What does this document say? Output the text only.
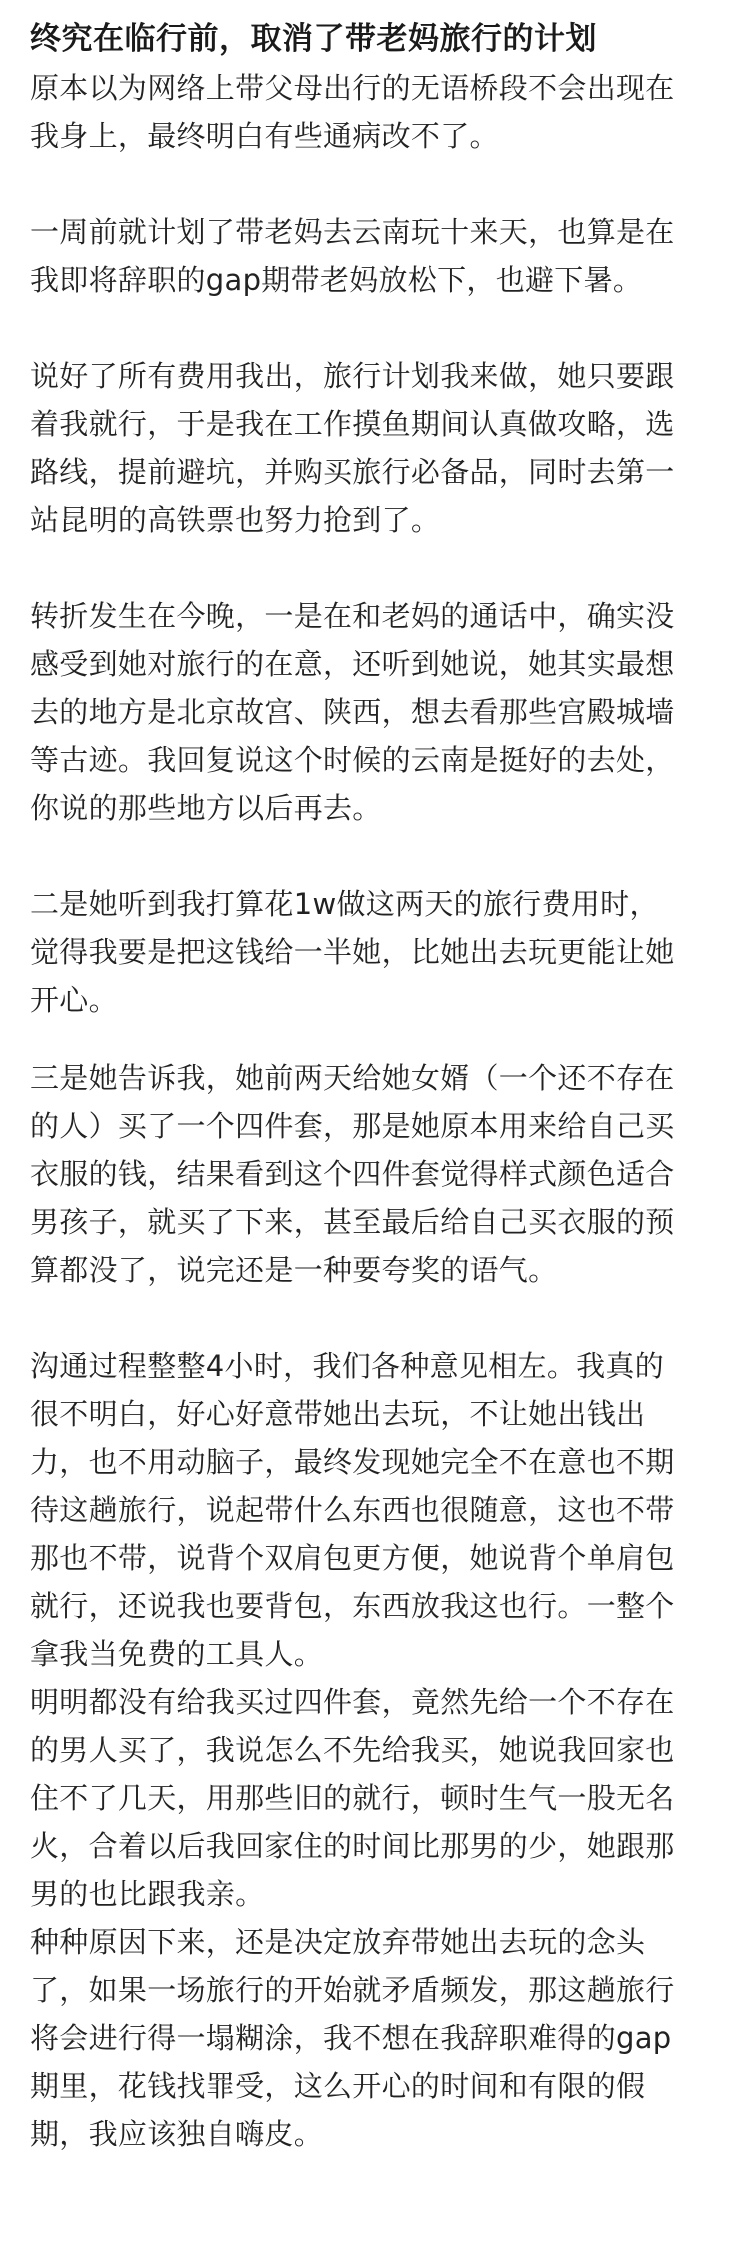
终究在临行前，取消了带老妈旅行的计划

原本以为网络上带父母出行的无语桥段不会出现在
我身上，最终明白有些通病改不了。

一周前就计划了带老妈去云南玩十来天，也算是在
我即将辞职的gap期带老妈放松下，也避下暑。

说好了所有费用我出，旅行计划我来做，她只要跟
着我就行，于是我在工作摸鱼期间认真做攻略，选
路线，提前避坑，并购买旅行必备品，同时去第一
站昆明的高铁票也努力抢到了。

转折发生在今晚，一是在和老妈的通话中，确实没
感受到她对旅行的在意，还听到她说，她其实最想
去的地方是北京故宫、陕西，想去看那些宫殿城墙
等古迹。我回复说这个时候的云南是挺好的去处，
你说的那些地方以后再去。

二是她听到我打算花1w做这两天的旅行费用时，
觉得我要是把这钱给一半她，比她出去玩更能让她
开心。

三是她告诉我，她前两天给她女婿（一个还不存在
的人）买了一个四件套，那是她原本用来给自己买
衣服的钱，结果看到这个四件套觉得样式颜色适合
男孩子，就买了下来，甚至最后给自己买衣服的预
算都没了，说完还是一种要夸奖的语气。

沟通过程整整4小时，我们各种意见相左。我真的
很不明白，好心好意带她出去玩，不让她出钱出
力，也不用动脑子，最终发现她完全不在意也不期
待这趟旅行，说起带什么东西也很随意，这也不带
那也不带，说背个双肩包更方便，她说背个单肩包
就行，还说我也要背包，东西放我这也行。一整个
拿我当免费的工具人。

明明都没有给我买过四件套，竟然先给一个不存在
的男人买了，我说怎么不先给我买，她说我回家也
住不了几天，用那些旧的就行，顿时生气一股无名
火，合着以后我回家住的时间比那男的少，她跟那
男的也比跟我亲。

种种原因下来，还是决定放弃带她出去玩的念头
了，如果一场旅行的开始就矛盾频发，那这趟旅行
将会进行得一塌糊涂，我不想在我辞职难得的gap
期里，花钱找罪受，这么开心的时间和有限的假
期，我应该独自嗨皮。
